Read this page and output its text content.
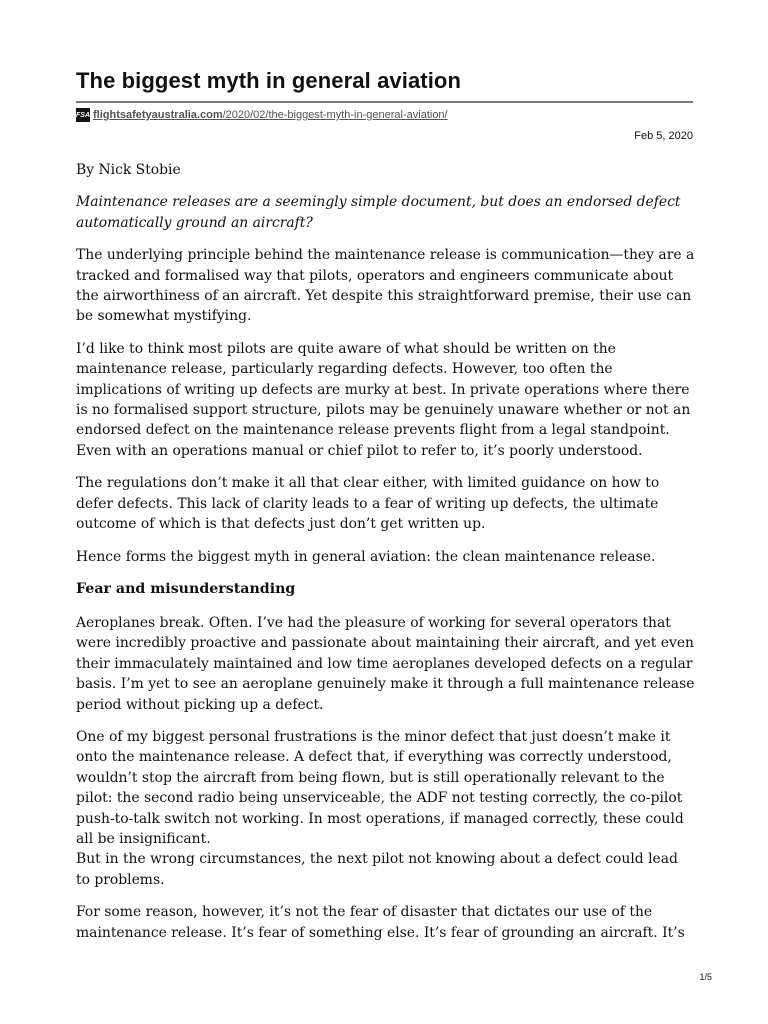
The biggest myth in general aviation
FSA flightsafetyaustralia.com/2020/02/the-biggest-myth-in-general-aviation/
Feb 5, 2020

By Nick Stobie

Maintenance releases are a seemingly simple document, but does an endorsed defect automatically ground an aircraft?

The underlying principle behind the maintenance release is communication—they are a tracked and formalised way that pilots, operators and engineers communicate about the airworthiness of an aircraft. Yet despite this straightforward premise, their use can be somewhat mystifying.

I’d like to think most pilots are quite aware of what should be written on the maintenance release, particularly regarding defects. However, too often the implications of writing up defects are murky at best. In private operations where there is no formalised support structure, pilots may be genuinely unaware whether or not an endorsed defect on the maintenance release prevents flight from a legal standpoint. Even with an operations manual or chief pilot to refer to, it’s poorly understood.

The regulations don’t make it all that clear either, with limited guidance on how to defer defects. This lack of clarity leads to a fear of writing up defects, the ultimate outcome of which is that defects just don’t get written up.

Hence forms the biggest myth in general aviation: the clean maintenance release.

Fear and misunderstanding

Aeroplanes break. Often. I’ve had the pleasure of working for several operators that were incredibly proactive and passionate about maintaining their aircraft, and yet even their immaculately maintained and low time aeroplanes developed defects on a regular basis. I’m yet to see an aeroplane genuinely make it through a full maintenance release period without picking up a defect.

One of my biggest personal frustrations is the minor defect that just doesn’t make it onto the maintenance release. A defect that, if everything was correctly understood, wouldn’t stop the aircraft from being flown, but is still operationally relevant to the pilot: the second radio being unserviceable, the ADF not testing correctly, the co-pilot push-to-talk switch not working. In most operations, if managed correctly, these could all be insignificant.

But in the wrong circumstances, the next pilot not knowing about a defect could lead to problems.

For some reason, however, it’s not the fear of disaster that dictates our use of the maintenance release. It’s fear of something else. It’s fear of grounding an aircraft. It’s

1/5
